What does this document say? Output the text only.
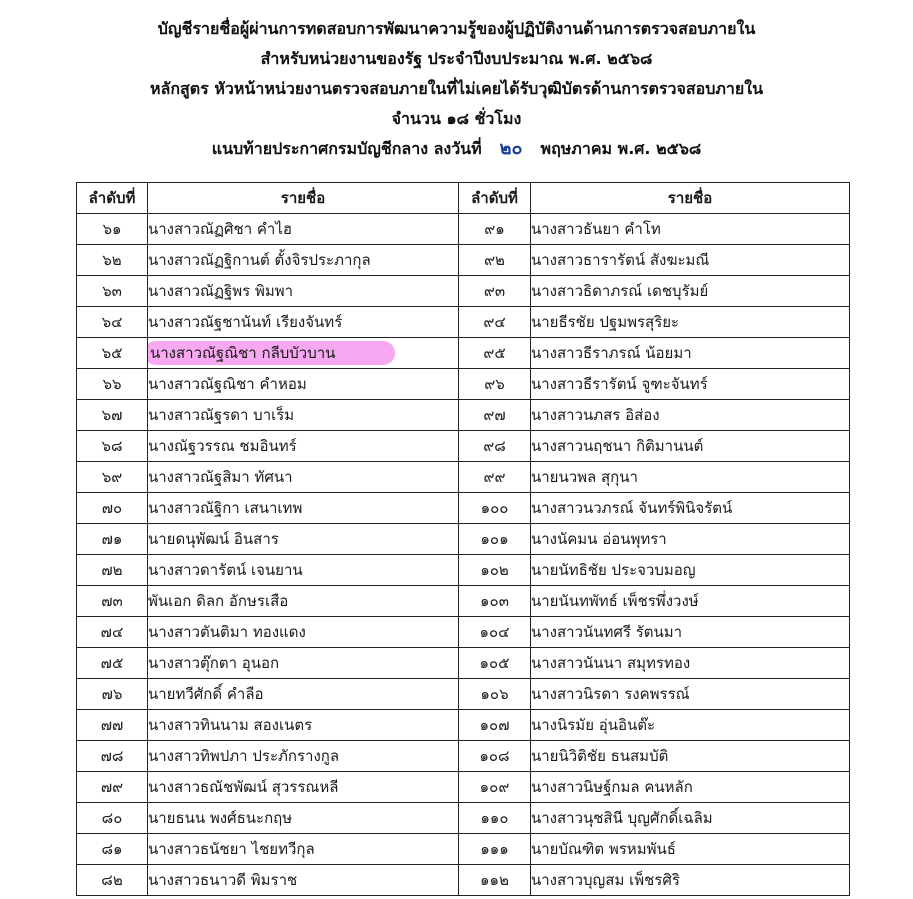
บัญชีรายชื่อผู้ผ่านการทดสอบการพัฒนาความรู้ของผู้ปฏิบัติงานด้านการตรวจสอบภายใน
สำหรับหน่วยงานของรัฐ ประจำปีงบประมาณ พ.ศ. ๒๕๖๘
หลักสูตร หัวหน้าหน่วยงานตรวจสอบภายในที่ไม่เคยได้รับวุฒิบัตรด้านการตรวจสอบภายใน
จำนวน ๑๘ ชั่วโมง
แนบท้ายประกาศกรมบัญชีกลาง ลงวันที่ ๒๐ พฤษภาคม พ.ศ. ๒๕๖๘
ลำดับที่	รายชื่อ	ลำดับที่	รายชื่อ
๖๑	นางสาวณัฏศิชา คำไฮ	๙๑	นางสาวธันยา คำโท
๖๒	นางสาวณัฏฐิกานต์ ตั้งจิรประภากุล	๙๒	นางสาวธารารัตน์ สังฆะมณี
๖๓	นางสาวณัฏฐิพร พิมพา	๙๓	นางสาวธิดาภรณ์ เดชบุรัมย์
๖๔	นางสาวณัฐชานันท์ เรียงจันทร์	๙๔	นายธีรชัย ปฐมพรสุริยะ
๖๕	นางสาวณัฐณิชา กลีบบัวบาน	๙๕	นางสาวธีราภรณ์ น้อยมา
๖๖	นางสาวณัฐณิชา คำหอม	๙๖	นางสาวธีรารัตน์ จูฑะจันทร์
๖๗	นางสาวณัฐรดา บาเร็ม	๙๗	นางสาวนภสร อิส่อง
๖๘	นางณัฐวรรณ ชมอินทร์	๙๘	นางสาวนฤชนา กิติมานนต์
๖๙	นางสาวณัฐสิมา ทัศนา	๙๙	นายนวพล สุกุนา
๗๐	นางสาวณัฐิกา เสนาเทพ	๑๐๐	นางสาวนวภรณ์ จันทร์พินิจรัตน์
๗๑	นายดนุพัฒน์ อินสาร	๑๐๑	นางนัคมน อ่อนพุทรา
๗๒	นางสาวดารัตน์ เจนยาน	๑๐๒	นายนัทธิชัย ประจวบมอญ
๗๓	พันเอก ดิลก อักษรเสือ	๑๐๓	นายนันทพัทธ์ เพ็ชรพึ่งวงษ์
๗๔	นางสาวตันติมา ทองแดง	๑๐๔	นางสาวนันทศรี รัตนมา
๗๕	นางสาวตุ๊กตา อุนอก	๑๐๕	นางสาวนันนา สมุทรทอง
๗๖	นายทวีศักดิ์ คำลือ	๑๐๖	นางสาวนิรดา รงคพรรณ์
๗๗	นางสาวทินนาม สองเนตร	๑๐๗	นางนิรมัย อุ่นอินต๊ะ
๗๘	นางสาวทิพปภา ประภักรางกูล	๑๐๘	นายนิวิติชัย ธนสมบัติ
๗๙	นางสาวธณัชพัฒน์ สุวรรณหลี	๑๐๙	นางสาวนิษฐ์กมล คนหลัก
๘๐	นายธนน พงศ์ธนะกฤษ	๑๑๐	นางสาวนุชสินี บุญศักดิ์เฉลิม
๘๑	นางสาวธนัชยา ไชยทวีกุล	๑๑๑	นายบัณฑิต พรหมพันธ์
๘๒	นางสาวธนาวดี พิมราช	๑๑๒	นางสาวบุญสม เพ็ชรศิริ
